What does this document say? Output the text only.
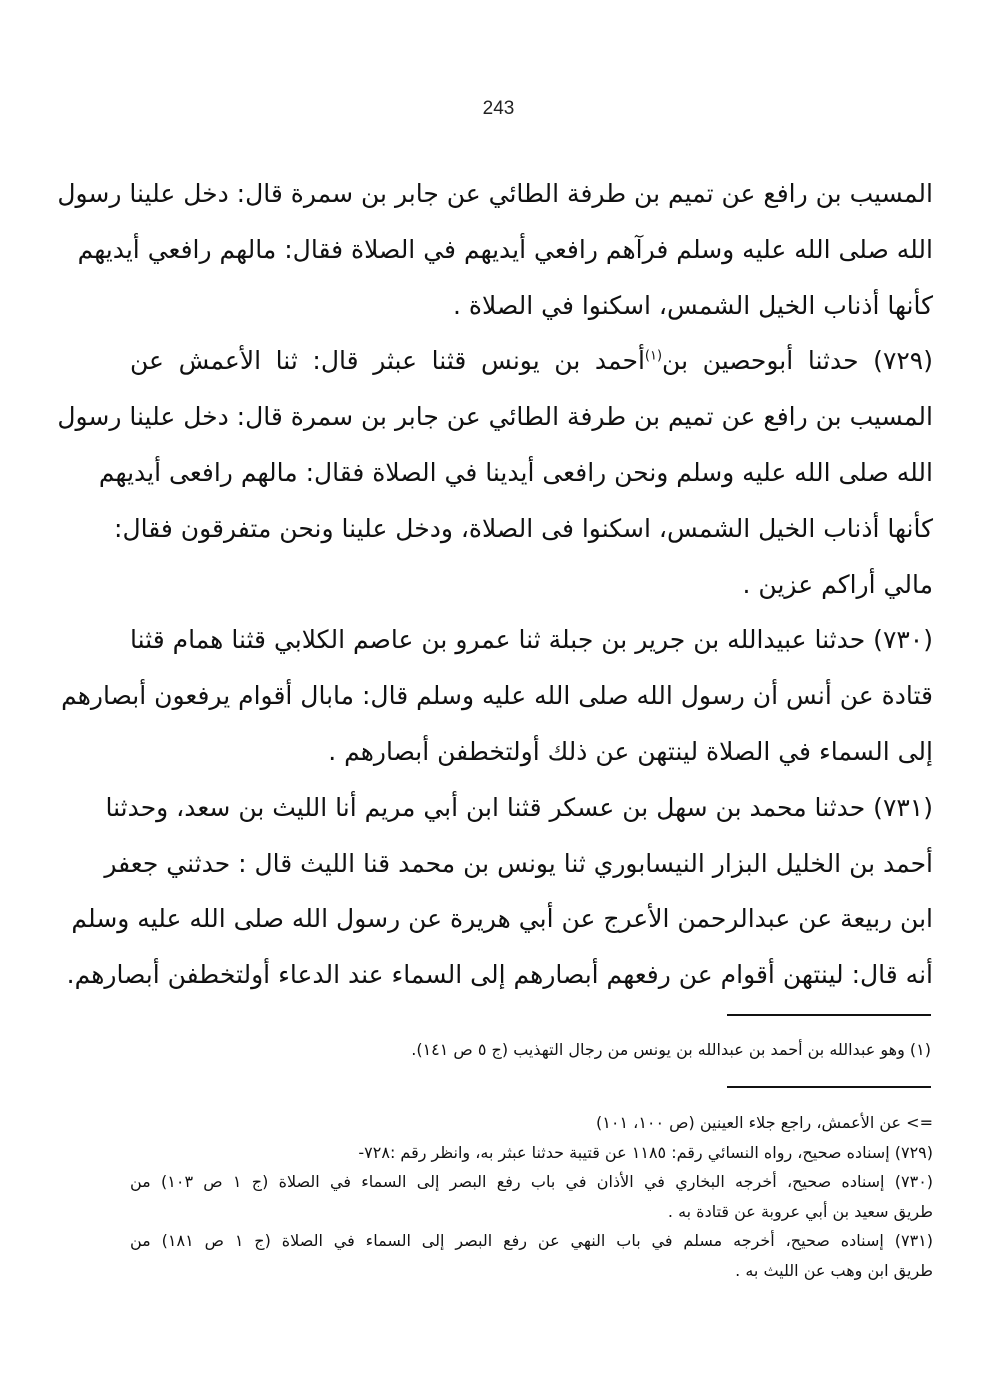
243
المسيب بن رافع عن تميم بن طرفة الطائي عن جابر بن سمرة قال: دخل علينا رسول
الله صلى الله عليه وسلم فرآهم رافعي أيديهم في الصلاة فقال: مالهم رافعي أيديهم
كأنها أذناب الخيل الشمس، اسكنوا في الصلاة .
(٧٢٩) حدثنا أبوحصين بن$^{(١)}$أحمد بن يونس قثنا عبثر قال: ثنا الأعمش عن
المسيب بن رافع عن تميم بن طرفة الطائي عن جابر بن سمرة قال: دخل علينا رسول
الله صلى الله عليه وسلم ونحن رافعى أيدينا في الصلاة فقال: مالهم رافعى أيديهم
كأنها أذناب الخيل الشمس، اسكنوا فى الصلاة، ودخل علينا ونحن متفرقون فقال:
مالي أراكم عزين .
(٧٣٠) حدثنا عبيدالله بن جرير بن جبلة ثنا عمرو بن عاصم الكلابي قثنا همام قثنا
قتادة عن أنس أن رسول الله صلى الله عليه وسلم قال: مابال أقوام يرفعون أبصارهم
إلى السماء في الصلاة لينتهن عن ذلك أولتخطفن أبصارهم .
(٧٣١) حدثنا محمد بن سهل بن عسكر قثنا ابن أبي مريم أنا الليث بن سعد، وحدثنا
أحمد بن الخليل البزار النيسابوري ثنا يونس بن محمد قنا الليث قال : حدثني جعفر
ابن ربيعة عن عبدالرحمن الأعرج عن أبي هريرة عن رسول الله صلى الله عليه وسلم
أنه قال: لينتهن أقوام عن رفعهم أبصارهم إلى السماء عند الدعاء أولتخطفن أبصارهم.
(١) وهو عبدالله بن أحمد بن عبدالله بن يونس من رجال التهذيب (ج ٥ ص ١٤١).
=> عن الأعمش، راجع جلاء العينين (ص ١٠٠، ١٠١)
(٧٢٩) إسناده صحيح، رواه النسائي رقم: ١١٨٥ عن قتيبة حدثنا عبثر به، وانظر رقم :٧٢٨-
(٧٣٠) إسناده صحيح، أخرجه البخاري في الأذان في باب رفع البصر إلى السماء في الصلاة (ج ١ ص ١٠٣) من
طريق سعيد بن أبي عروبة عن قتادة به .
(٧٣١) إسناده صحيح، أخرجه مسلم في باب النهي عن رفع البصر إلى السماء في الصلاة (ج ١ ص ١٨١) من
طريق ابن وهب عن الليث به .
